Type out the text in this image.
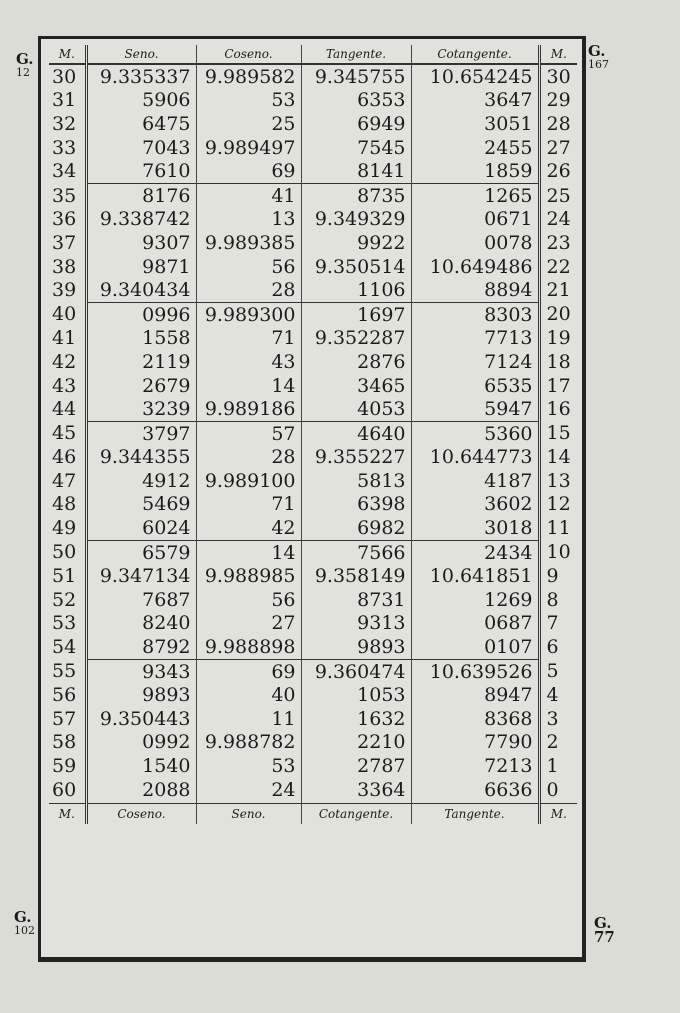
G.
12
G.
167
G.
102	G.
77
M.	Seno.	Coseno.	Tangente.	Cotangente.	M.
30	9.335337	9.989582	9.345755	10.654245	30
31	5906	53	6353	3647	29
32	6475	25	6949	3051	28
33	7043	9.989497	7545	2455	27
34	7610	69	8141	1859	26
35	8176	41	8735	1265	25
36	9.338742	13	9.349329	0671	24
37	9307	9.989385	9922	0078	23
38	9871	56	9.350514	10.649486	22
39	9.340434	28	1106	8894	21
40	0996	9.989300	1697	8303	20
41	1558	71	9.352287	7713	19
42	2119	43	2876	7124	18
43	2679	14	3465	6535	17
44	3239	9.989186	4053	5947	16
45	3797	57	4640	5360	15
46	9.344355	28	9.355227	10.644773	14
47	4912	9.989100	5813	4187	13
48	5469	71	6398	3602	12
49	6024	42	6982	3018	11
50	6579	14	7566	2434	10
51	9.347134	9.988985	9.358149	10.641851	9
52	7687	56	8731	1269	8
53	8240	27	9313	0687	7
54	8792	9.988898	9893	0107	6
55	9343	69	9.360474	10.639526	5
56	9893	40	1053	8947	4
57	9.350443	11	1632	8368	3
58	0992	9.988782	2210	7790	2
59	1540	53	2787	7213	1
60	2088	24	3364	6636	0
M.	Coseno.	Seno.	Cotangente.	Tangente.	M.
